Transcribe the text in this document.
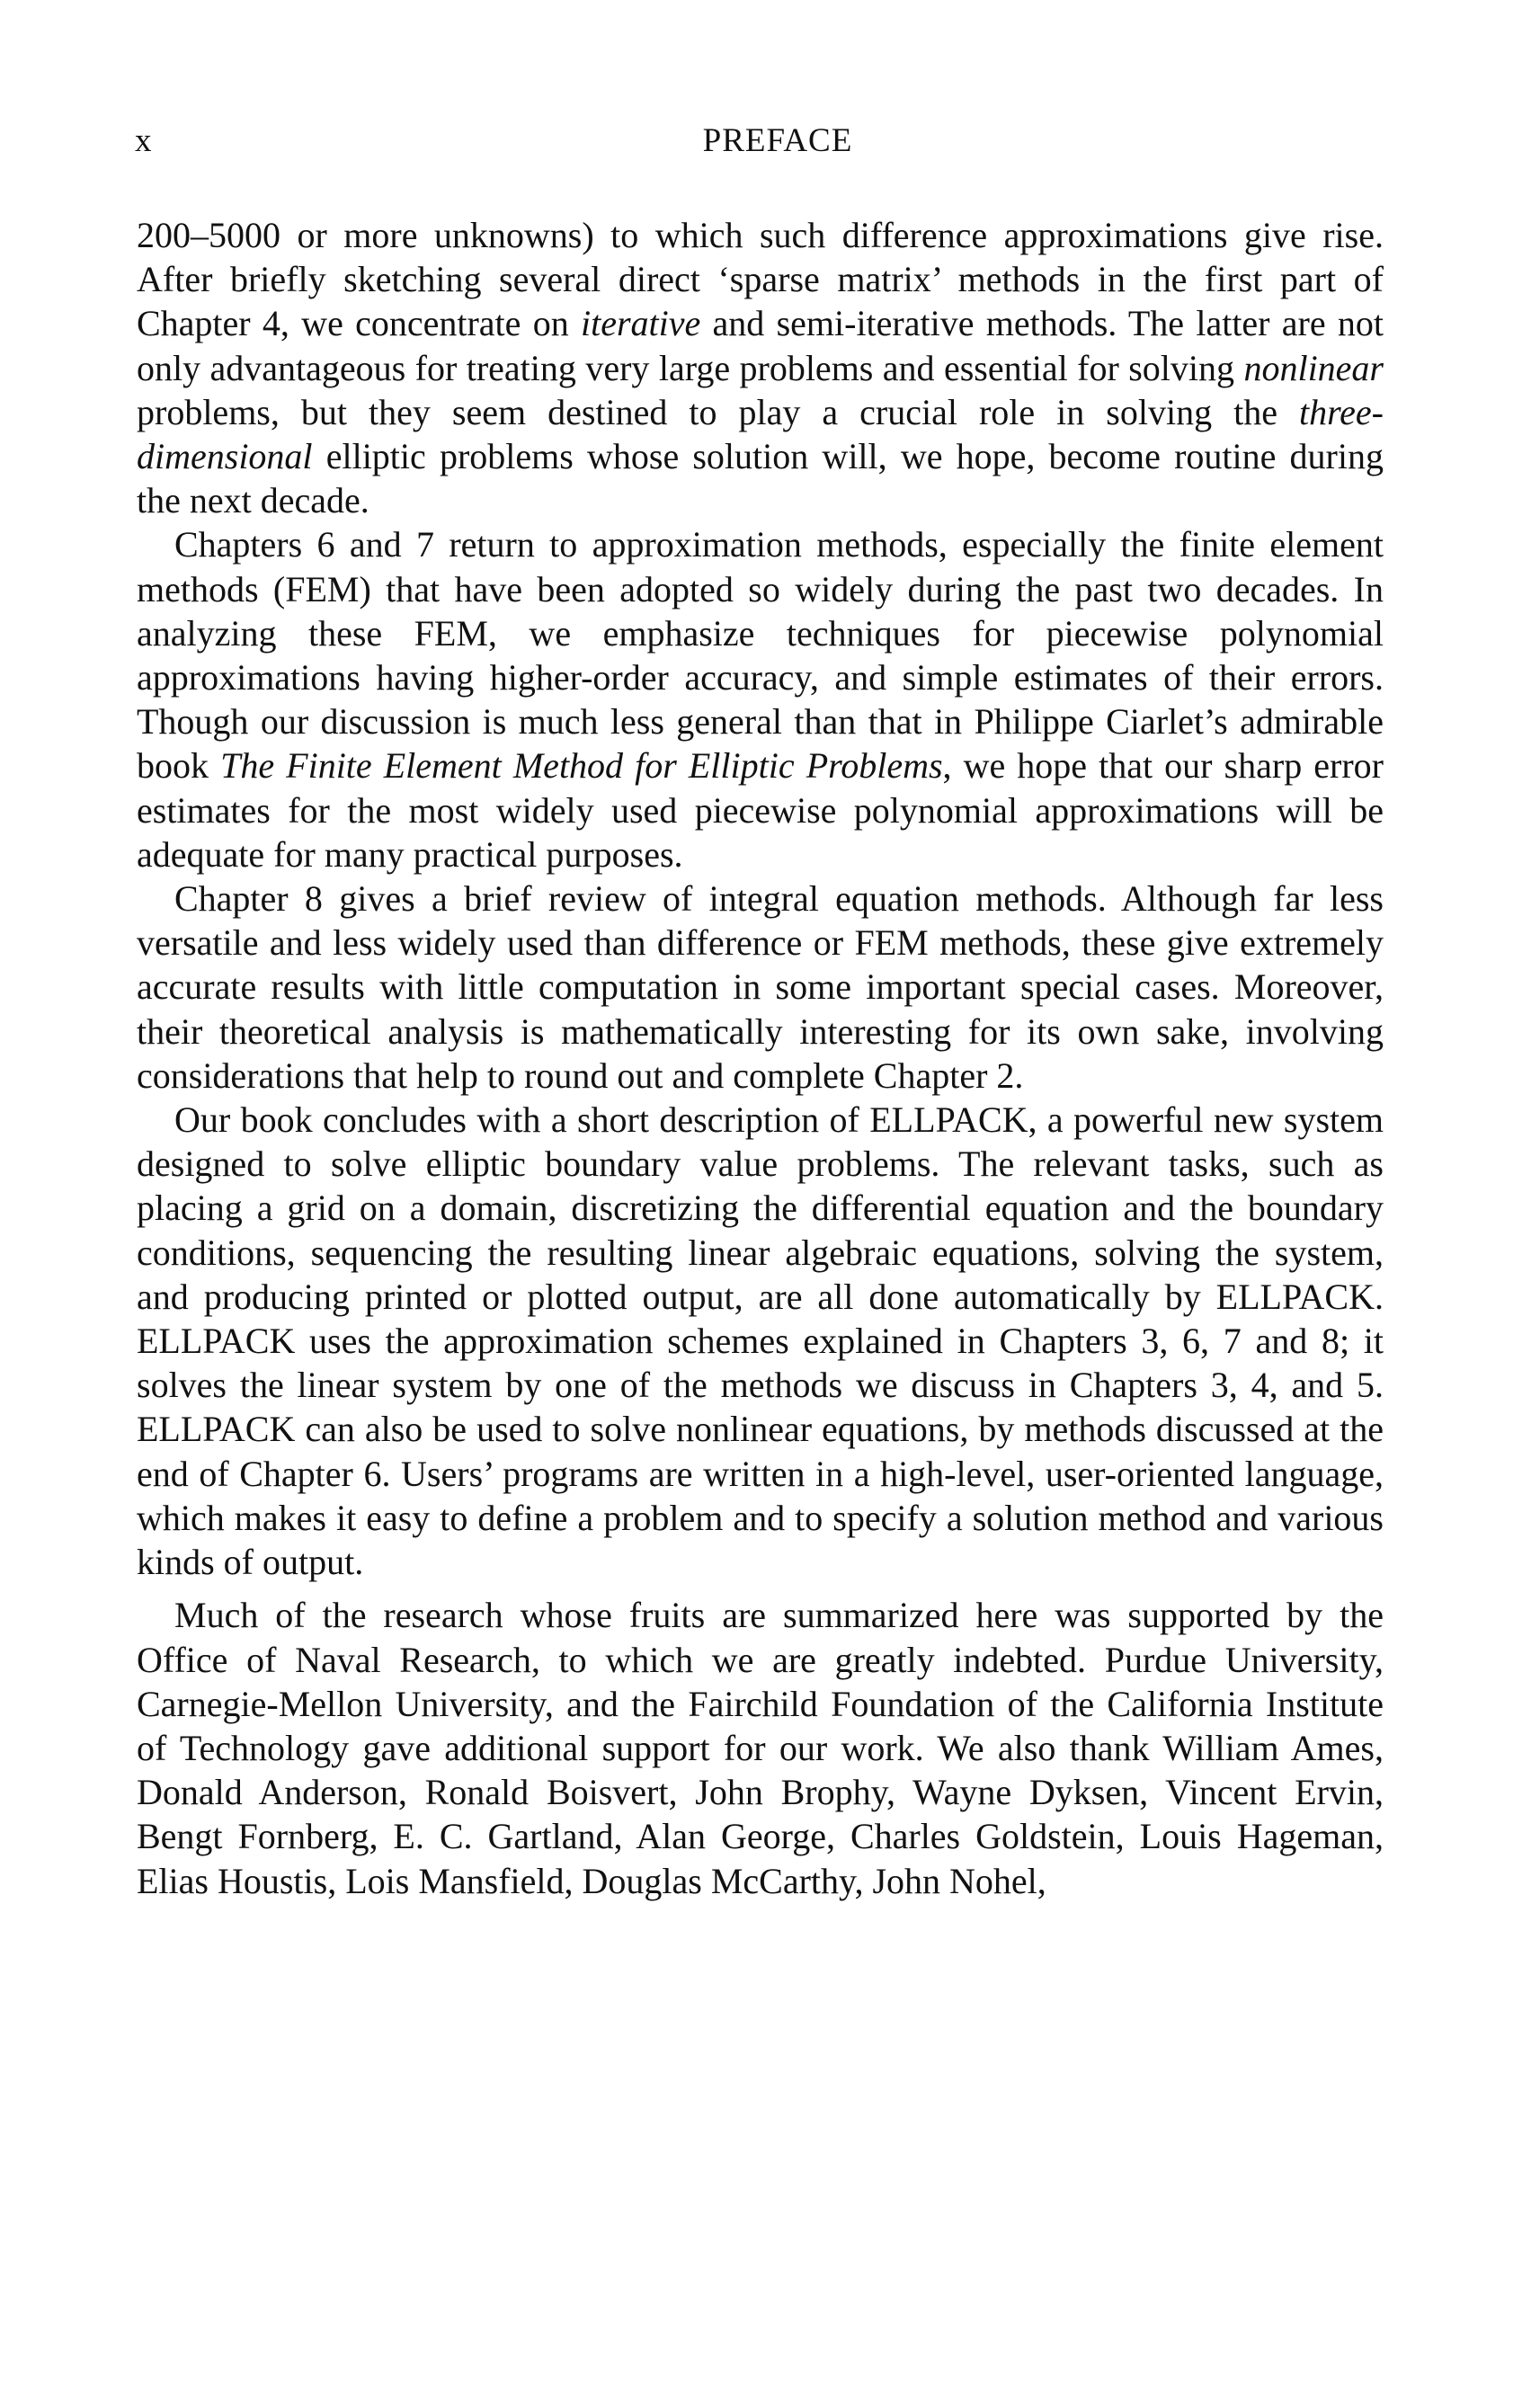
x	PREFACE

200–5000 or more unknowns) to which such difference approximations give rise. After briefly sketching several direct ‘sparse matrix’ methods in the first part of Chapter 4, we concentrate on iterative and semi-iterative methods. The latter are not only advantageous for treating very large problems and essential for solving nonlinear problems, but they seem destined to play a crucial role in solving the three-dimensional elliptic problems whose solution will, we hope, become routine during the next decade.

Chapters 6 and 7 return to approximation methods, especially the finite element methods (FEM) that have been adopted so widely during the past two decades. In analyzing these FEM, we emphasize techniques for piecewise polynomial approximations having higher-order accuracy, and simple estimates of their errors. Though our discussion is much less general than that in Philippe Ciarlet’s admirable book The Finite Element Method for Elliptic Problems, we hope that our sharp error estimates for the most widely used piecewise polynomial approximations will be adequate for many practical purposes.

Chapter 8 gives a brief review of integral equation methods. Although far less versatile and less widely used than difference or FEM methods, these give extremely accurate results with little computation in some important special cases. Moreover, their theoretical analysis is mathematically interesting for its own sake, involving considerations that help to round out and complete Chapter 2.

Our book concludes with a short description of ELLPACK, a powerful new system designed to solve elliptic boundary value problems. The relevant tasks, such as placing a grid on a domain, discretizing the differential equation and the boundary conditions, sequencing the resulting linear algebraic equations, solving the system, and producing printed or plotted output, are all done automatically by ELLPACK. ELLPACK uses the approximation schemes explained in Chapters 3, 6, 7 and 8; it solves the linear system by one of the methods we discuss in Chapters 3, 4, and 5. ELLPACK can also be used to solve nonlinear equations, by methods discussed at the end of Chapter 6. Users’ programs are written in a high-level, user-oriented language, which makes it easy to define a problem and to specify a solution method and various kinds of output.

Much of the research whose fruits are summarized here was supported by the Office of Naval Research, to which we are greatly indebted. Purdue University, Carnegie-Mellon University, and the Fairchild Foundation of the California Institute of Technology gave additional support for our work. We also thank William Ames, Donald Anderson, Ronald Boisvert, John Brophy, Wayne Dyksen, Vincent Ervin, Bengt Fornberg, E. C. Gartland, Alan George, Charles Goldstein, Louis Hageman, Elias Houstis, Lois Mansfield, Douglas McCarthy, John Nohel,
